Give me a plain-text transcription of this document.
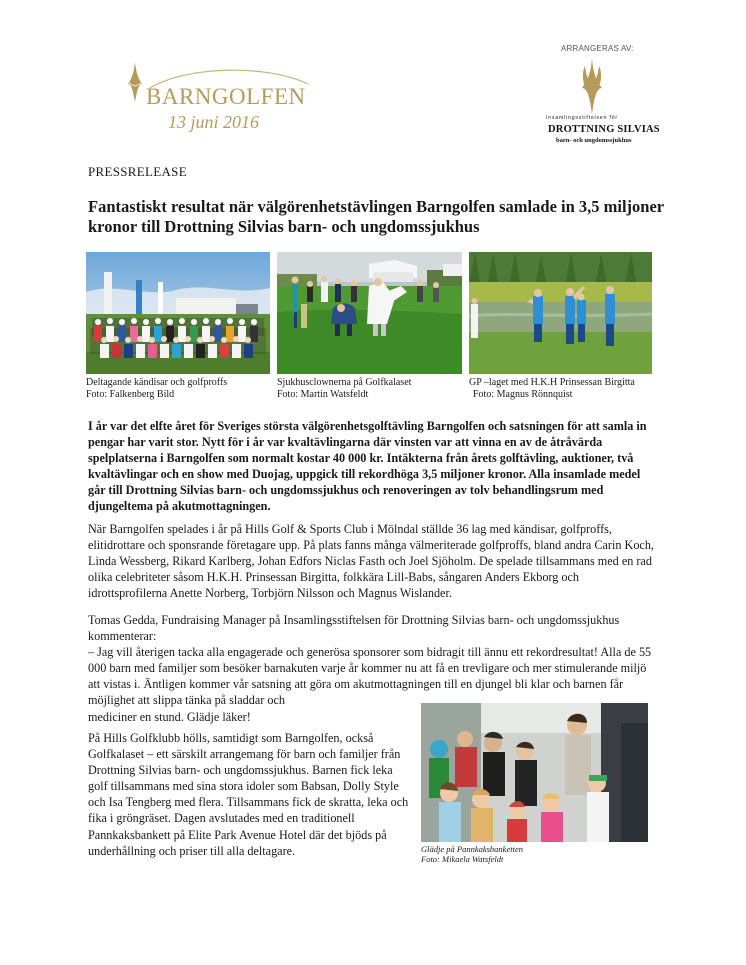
BARNGOLFEN
13 juni 2016
ARRANGERAS AV:
Insamlingsstiftelsen för
DROTTNING SILVIAS
barn- och ungdomssjukhus
PRESSRELEASE
Fantastiskt resultat när välgörenhetstävlingen Barngolfen samlade in 3,5 miljoner kronor till Drottning Silvias barn- och ungdomssjukhus
Deltagande kändisar och golfproffs
Foto: Falkenberg Bild
Sjukhusclownerna på Golfkalaset
Foto: Martin Watsfeldt
GP –laget med H.K.H Prinsessan Birgitta
Foto: Magnus Rönnquist
I år var det elfte året för Sveriges största välgörenhetsgolftävling Barngolfen och satsningen för att samla in pengar har varit stor. Nytt för i år var kvaltävlingarna där vinsten var att vinna en av de åtråvärda spelplatserna i Barngolfen som normalt kostar 40 000 kr. Intäkterna från årets golftävling, auktioner, två kvaltävlingar och en show med Duojag, uppgick till rekordhöga 3,5 miljoner kronor. Alla insamlade medel går till Drottning Silvias barn- och ungdomssjukhus och renoveringen av tolv behandlingsrum med djungeltema på akutmottagningen.
När Barngolfen spelades i år på Hills Golf & Sports Club i Mölndal ställde 36 lag med kändisar, golfproffs, elitidrottare och sponsrande företagare upp. På plats fanns många välmeriterade golfproffs, bland andra Carin Koch, Linda Wessberg, Rikard Karlberg, Johan Edfors Niclas Fasth och Joel Sjöholm. De spelade tillsammans med en rad olika celebriteter såsom H.K.H. Prinsessan Birgitta, folkkära Lill-Babs, sångaren Anders Ekborg och idrottsprofilerna Anette Norberg, Torbjörn Nilsson och Magnus Wislander.
Tomas Gedda, Fundraising Manager på Insamlingsstiftelsen för Drottning Silvias barn- och ungdomssjukhus kommenterar:
– Jag vill återigen tacka alla engagerade och generösa sponsorer som bidragit till ännu ett rekordresultat! Alla de 55 000 barn med familjer som besöker barnakuten varje år kommer nu att få en trevligare och mer stimulerande miljö att vistas i. Äntligen kommer vår satsning att göra om akutmottagningen till en djungel bli klar och barnen får möjlighet att slippa tänka på sladdar och
mediciner en stund. Glädje läker!
På Hills Golfklubb hölls, samtidigt som Barngolfen, också Golfkalaset – ett särskilt arrangemang för barn och familjer från Drottning Silvias barn- och ungdomssjukhus. Barnen fick leka golf tillsammans med sina stora idoler som Babsan, Dolly Style och Isa Tengberg med flera. Tillsammans fick de skratta, leka och fika i gröngräset. Dagen avslutades med en traditionell Pannkaksbankett på Elite Park Avenue Hotel där det bjöds på underhållning och priser till alla deltagare.	Glädje på Pannkaksbanketten
Foto: Mikaela Watsfeldt
